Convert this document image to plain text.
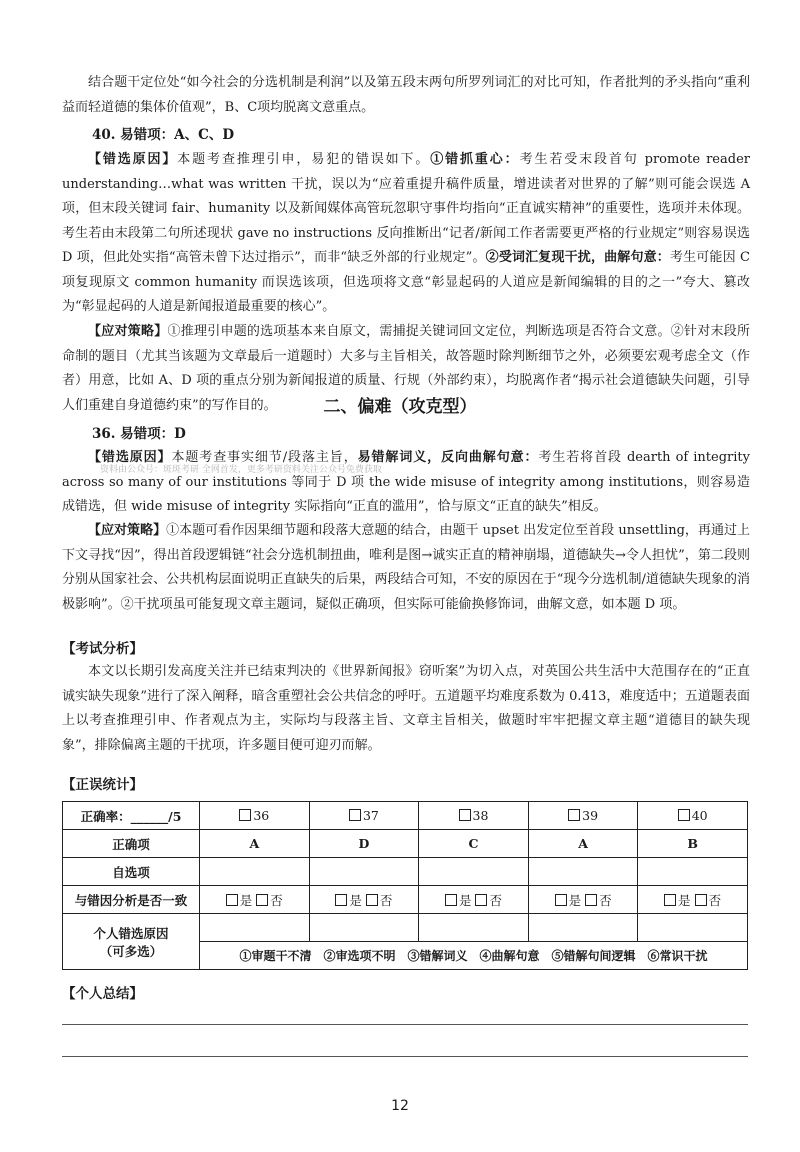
结合题干定位处“如今社会的分选机制是利润”以及第五段末两句所罗列词汇的对比可知，作者批判的矛头指向“重利益而轻道德的集体价值观”，B、C项均脱离文意重点。

40. 易错项：A、C、D

【错选原因】本题考查推理引申，易犯的错误如下。①错抓重心：考生若受末段首句 promote reader understanding…what was written 干扰，误以为“应着重提升稿件质量，增进读者对世界的了解”则可能会误选 A 项，但末段关键词 fair、humanity 以及新闻媒体高管玩忽职守事件均指向“正直诚实精神”的重要性，选项并未体现。考生若由末段第二句所述现状 gave no instructions 反向推断出“记者/新闻工作者需要更严格的行业规定”则容易误选 D 项，但此处实指“高管未曾下达过指示”，而非“缺乏外部的行业规定”。②受词汇复现干扰，曲解句意：考生可能因 C 项复现原文 common humanity 而误选该项，但选项将文意“彰显起码的人道应是新闻编辑的目的之一”夸大、篡改为“彰显起码的人道是新闻报道最重要的核心”。

【应对策略】①推理引申题的选项基本来自原文，需捕捉关键词回文定位，判断选项是否符合文意。②针对末段所命制的题目（尤其当该题为文章最后一道题时）大多与主旨相关，故答题时除判断细节之外，必须要宏观考虑全文（作者）用意，比如 A、D 项的重点分别为新闻报道的质量、行规（外部约束），均脱离作者“揭示社会道德缺失问题，引导人们重建自身道德约束”的写作目的。	二、偏难（攻克型）

36. 易错项：D

【错选原因】本题考查事实细节/段落主旨，易错解词义，反向曲解句意：考生若将首段 dearth of integrity across so many of our institutions 等同于 D 项 the wide misuse of integrity among institutions，则容易造成错选，但 wide misuse of integrity 实际指向“正直的滥用”，恰与原文“正直的缺失”相反。

【应对策略】①本题可看作因果细节题和段落大意题的结合，由题干 upset 出发定位至首段 unsettling，再通过上下文寻找“因”，得出首段逻辑链“社会分选机制扭曲，唯利是图→诚实正直的精神崩塌，道德缺失→令人担忧”，第二段则分别从国家社会、公共机构层面说明正直缺失的后果，两段结合可知，不安的原因在于“现今分选机制/道德缺失现象的消极影响”。②干扰项虽可能复现文章主题词，疑似正确项，但实际可能偷换修饰词，曲解文意，如本题 D 项。

资料由公众号：斑斑考研 全网首发，更多考研资料关注公众号免费获取

【考试分析】

本文以长期引发高度关注并已结束判决的《世界新闻报》窃听案”为切入点，对英国公共生活中大范围存在的“正直诚实缺失现象”进行了深入阐释，暗含重塑社会公共信念的呼吁。五道题平均难度系数为 0.413，难度适中；五道题表面上以考查推理引申、作者观点为主，实际均与段落主旨、文章主旨相关，做题时牢牢把握文章主题“道德目的缺失现象”，排除偏离主题的干扰项，许多题目便可迎刃而解。

【正误统计】

正确率：______/5	36	37	38	39	40
正确项	A	D	C	A	B
自选项					
与错因分析是否一致	是 否	是 否	是 否	是 否	是 否
个人错选原因
（可多选）					
	①审题干不清 ②审选项不明 ③错解词义 ④曲解句意 ⑤错解句间逻辑 ⑥常识干扰				

【个人总结】

12
